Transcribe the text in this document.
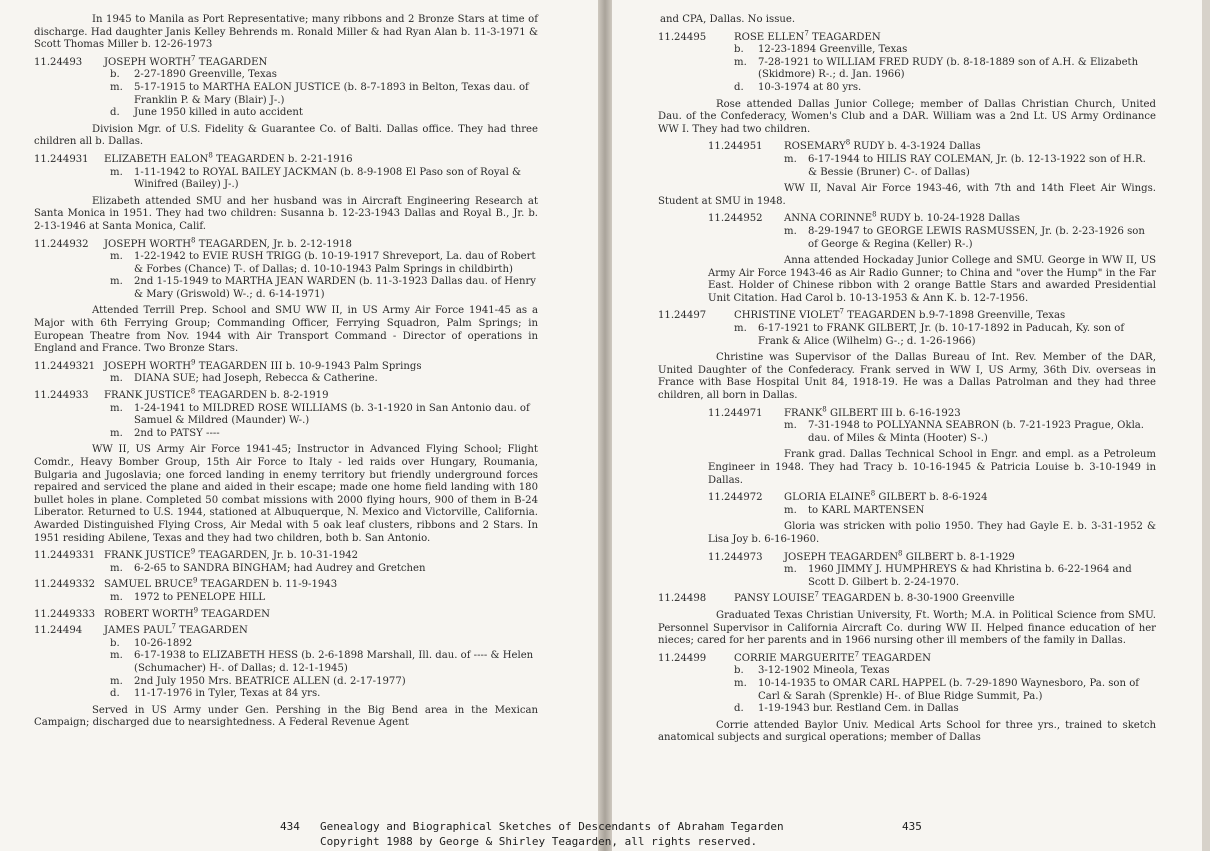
In 1945 to Manila as Port Representative; many ribbons and 2 Bronze Stars at time of discharge. Had daughter Janis Kelley Behrends m. Ronald Miller & had Ryan Alan b. 11-3-1971 & Scott Thomas Miller b. 12-26-1973

11.24493	JOSEPH WORTH$^7$ TEAGARDEN
b.	2-27-1890 Greenville, Texas
m.	5-17-1915 to MARTHA EALON JUSTICE (b. 8-7-1893 in Belton, Texas dau. of Franklin P. & Mary (Blair) J-.)
d.	June 1950 killed in auto accident

Division Mgr. of U.S. Fidelity & Guarantee Co. of Balti. Dallas office. They had three children all b. Dallas.

11.244931	ELIZABETH EALON$^8$ TEAGARDEN b. 2-21-1916
m.	1-11-1942 to ROYAL BAILEY JACKMAN (b. 8-9-1908 El Paso son of Royal & Winifred (Bailey) J-.)

Elizabeth attended SMU and her husband was in Aircraft Engineering Research at Santa Monica in 1951. They had two children: Susanna b. 12-23-1943 Dallas and Royal B., Jr. b. 2-13-1946 at Santa Monica, Calif.

11.244932	JOSEPH WORTH$^8$ TEAGARDEN, Jr. b. 2-12-1918
m.	1-22-1942 to EVIE RUSH TRIGG (b. 10-19-1917 Shreveport, La. dau of Robert & Forbes (Chance) T-. of Dallas; d. 10-10-1943 Palm Springs in childbirth)
m.	2nd 1-15-1949 to MARTHA JEAN WARDEN (b. 11-3-1923 Dallas dau. of Henry & Mary (Griswold) W-.; d. 6-14-1971)

Attended Terrill Prep. School and SMU WW II, in US Army Air Force 1941-45 as a Major with 6th Ferrying Group; Commanding Officer, Ferrying Squadron, Palm Springs; in European Theatre from Nov. 1944 with Air Transport Command - Director of operations in England and France. Two Bronze Stars.

11.2449321 JOSEPH WORTH$^9$ TEAGARDEN III b. 10-9-1943 Palm Springs
m.	DIANA SUE; had Joseph, Rebecca & Catherine.
11.244933	FRANK JUSTICE$^8$ TEAGARDEN b. 8-2-1919
m.	1-24-1941 to MILDRED ROSE WILLIAMS (b. 3-1-1920 in San Antonio dau. of Samuel & Mildred (Maunder) W-.)
m.	2nd to PATSY ----

WW II, US Army Air Force 1941-45; Instructor in Advanced Flying School; Flight Comdr., Heavy Bomber Group, 15th Air Force to Italy - led raids over Hungary, Roumania, Bulgaria and Jugoslavia; one forced landing in enemy territory but friendly underground forces repaired and serviced the plane and aided in their escape; made one home field landing with 180 bullet holes in plane. Completed 50 combat missions with 2000 flying hours, 900 of them in B-24 Liberator. Returned to U.S. 1944, stationed at Albuquerque, N. Mexico and Victorville, California. Awarded Distinguished Flying Cross, Air Medal with 5 oak leaf clusters, ribbons and 2 Stars. In 1951 residing Abilene, Texas and they had two children, both b. San Antonio.

11.2449331 FRANK JUSTICE$^9$ TEAGARDEN, Jr. b. 10-31-1942
m.	6-2-65 to SANDRA BINGHAM; had Audrey and Gretchen
11.2449332 SAMUEL BRUCE$^9$ TEAGARDEN b. 11-9-1943
m.	1972 to PENELOPE HILL
11.2449333 ROBERT WORTH$^9$ TEAGARDEN
11.24494	JAMES PAUL$^7$ TEAGARDEN
b.	10-26-1892
m.	6-17-1938 to ELIZABETH HESS (b. 2-6-1898 Marshall, Ill. dau. of ---- & Helen (Schumacher) H-. of Dallas; d. 12-1-1945)
m.	2nd July 1950 Mrs. BEATRICE ALLEN (d. 2-17-1977)
d.	11-17-1976 in Tyler, Texas at 84 yrs.

Served in US Army under Gen. Pershing in the Big Bend area in the Mexican Campaign; discharged due to nearsightedness. A Federal Revenue Agent

and CPA, Dallas. No issue.

11.24495	ROSE ELLEN$^7$ TEAGARDEN
b.	12-23-1894 Greenville, Texas
m.	7-28-1921 to WILLIAM FRED RUDY (b. 8-18-1889 son of A.H. & Elizabeth (Skidmore) R-.; d. Jan. 1966)
d.	10-3-1974 at 80 yrs.

Rose attended Dallas Junior College; member of Dallas Christian Church, United Dau. of the Confederacy, Women's Club and a DAR. William was a 2nd Lt. US Army Ordinance WW I. They had two children.

11.244951	ROSEMARY$^8$ RUDY b. 4-3-1924 Dallas
m.	6-17-1944 to HILIS RAY COLEMAN, Jr. (b. 12-13-1922 son of H.R. & Bessie (Bruner) C-. of Dallas)

WW II, Naval Air Force 1943-46, with 7th and 14th Fleet Air Wings. Student at SMU in 1948.

11.244952	ANNA CORINNE$^8$ RUDY b. 10-24-1928 Dallas
m.	8-29-1947 to GEORGE LEWIS RASMUSSEN, Jr. (b. 2-23-1926 son of George & Regina (Keller) R-.)

Anna attended Hockaday Junior College and SMU. George in WW II, US Army Air Force 1943-46 as Air Radio Gunner; to China and "over the Hump" in the Far East. Holder of Chinese ribbon with 2 orange Battle Stars and awarded Presidential Unit Citation. Had Carol b. 10-13-1953 & Ann K. b. 12-7-1956.

11.24497	CHRISTINE VIOLET$^7$ TEAGARDEN b.9-7-1898 Greenville, Texas
m.	6-17-1921 to FRANK GILBERT, Jr. (b. 10-17-1892 in Paducah, Ky. son of Frank & Alice (Wilhelm) G-.; d. 1-26-1966)

Christine was Supervisor of the Dallas Bureau of Int. Rev. Member of the DAR, United Daughter of the Confederacy. Frank served in WW I, US Army, 36th Div. overseas in France with Base Hospital Unit 84, 1918-19. He was a Dallas Patrolman and they had three children, all born in Dallas.

11.244971	FRANK$^8$ GILBERT III b. 6-16-1923
m.	7-31-1948 to POLLYANNA SEABRON (b. 7-21-1923 Prague, Okla. dau. of Miles & Minta (Hooter) S-.)

Frank grad. Dallas Technical School in Engr. and empl. as a Petroleum Engineer in 1948. They had Tracy b. 10-16-1945 & Patricia Louise b. 3-10-1949 in Dallas.

11.244972	GLORIA ELAINE$^8$ GILBERT b. 8-6-1924
m.	to KARL MARTENSEN

Gloria was stricken with polio 1950. They had Gayle E. b. 3-31-1952 & Lisa Joy b. 6-16-1960.

11.244973	JOSEPH TEAGARDEN$^8$ GILBERT b. 8-1-1929
m.	1960 JIMMY J. HUMPHREYS & had Khristina b. 6-22-1964 and Scott D. Gilbert b. 2-24-1970.
11.24498	PANSY LOUISE$^7$ TEAGARDEN b. 8-30-1900 Greenville

Graduated Texas Christian University, Ft. Worth; M.A. in Political Science from SMU. Personnel Supervisor in California Aircraft Co. during WW II. Helped finance education of her nieces; cared for her parents and in 1966 nursing other ill members of the family in Dallas.

11.24499	CORRIE MARGUERITE$^7$ TEAGARDEN
b.	3-12-1902 Mineola, Texas
m.	10-14-1935 to OMAR CARL HAPPEL (b. 7-29-1890 Waynesboro, Pa. son of Carl & Sarah (Sprenkle) H-. of Blue Ridge Summit, Pa.)
d.	1-19-1943 bur. Restland Cem. in Dallas

Corrie attended Baylor Univ. Medical Arts School for three yrs., trained to sketch anatomical subjects and surgical operations; member of Dallas

434	435
Genealogy and Biographical Sketches of Descendants of Abraham Tegarden
Copyright 1988 by George & Shirley Teagarden, all rights reserved.
